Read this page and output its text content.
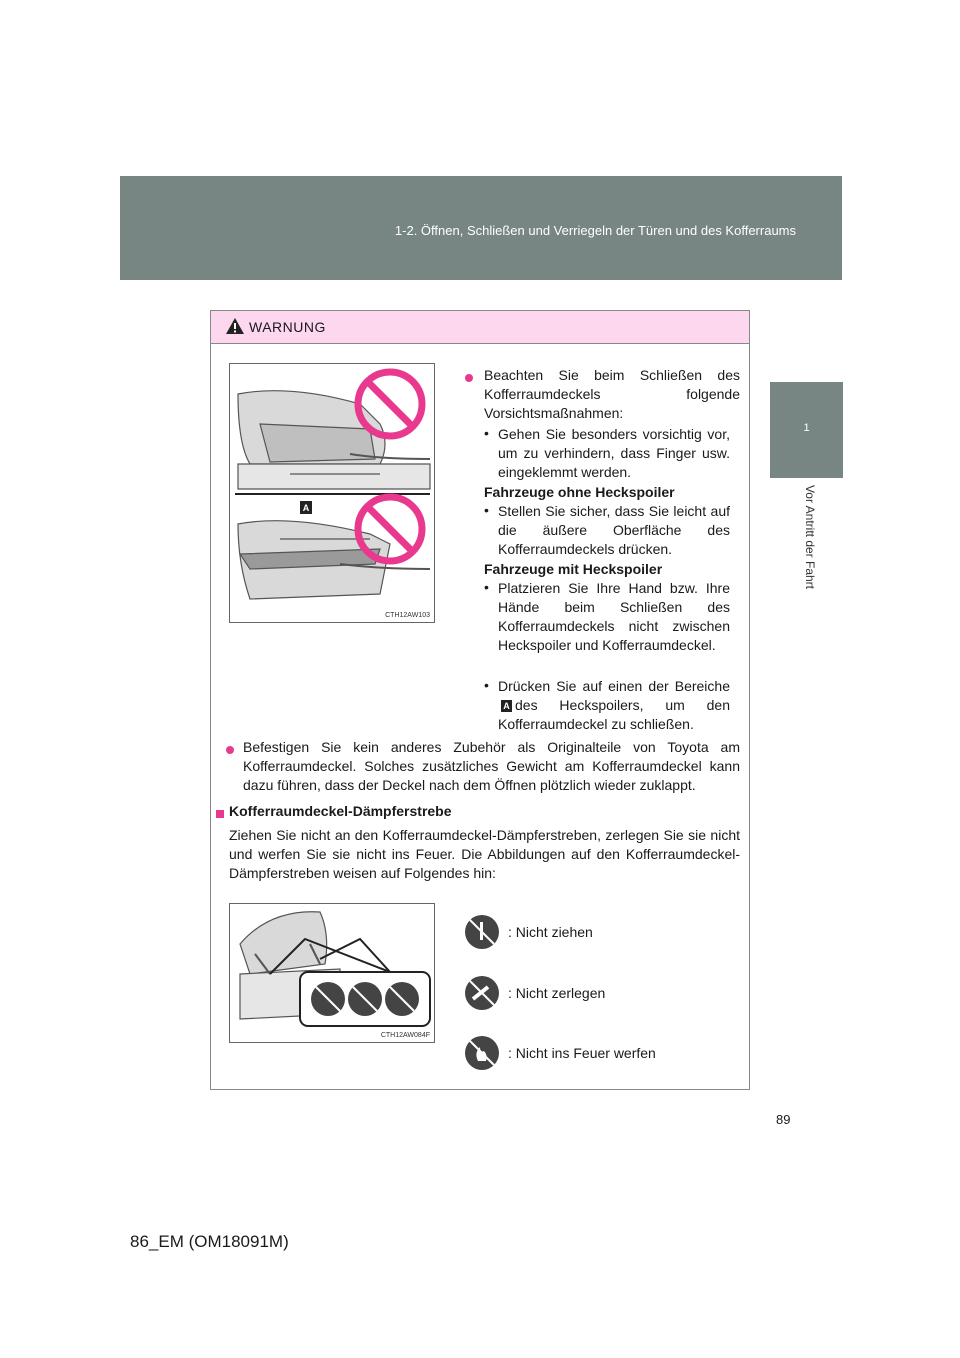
1-2. Öffnen, Schließen und Verriegeln der Türen und des Kofferraums
1
Vor Antritt der Fahrt
WARNUNG
A
CTH12AW103
Beachten Sie beim Schließen des Kofferraumdeckels folgende Vorsichtsmaßnahmen:
• Gehen Sie besonders vorsichtig vor, um zu verhindern, dass Finger usw. eingeklemmt werden.
Fahrzeuge ohne Heckspoiler
• Stellen Sie sicher, dass Sie leicht auf die äußere Oberfläche des Kofferraumdeckels drücken.
Fahrzeuge mit Heckspoiler
• Platzieren Sie Ihre Hand bzw. Ihre Hände beim Schließen des Kofferraumdeckels nicht zwischen Heckspoiler und Kofferraumdeckel.
• Drücken Sie auf einen der BereicheA des Heckspoilers, um den Kofferraumdeckel zu schließen.
Befestigen Sie kein anderes Zubehör als Originalteile von Toyota am Kofferraumdeckel. Solches zusätzliches Gewicht am Kofferraumdeckel kann dazu führen, dass der Deckel nach dem Öffnen plötzlich wieder zuklappt.
Kofferraumdeckel-Dämpferstrebe
Ziehen Sie nicht an den Kofferraumdeckel-Dämpferstreben, zerlegen Sie sie nicht und werfen Sie sie nicht ins Feuer. Die Abbildungen auf den Kofferraumdeckel-Dämpferstreben weisen auf Folgendes hin:
CTH12AW084F
: Nicht ziehen
: Nicht zerlegen
: Nicht ins Feuer werfen
89
86_EM (OM18091M)
